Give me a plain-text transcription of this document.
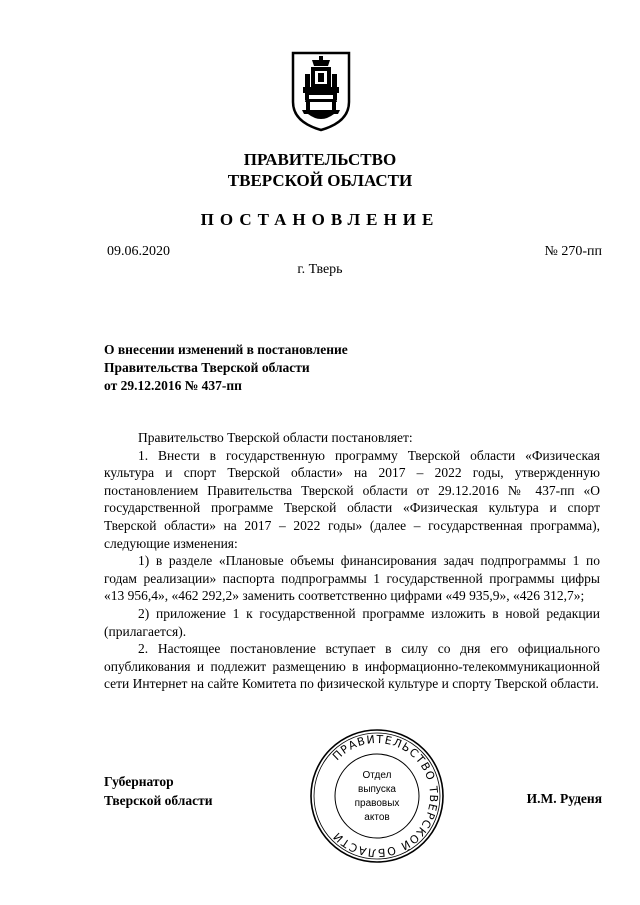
ПРАВИТЕЛЬСТВО
ТВЕРСКОЙ ОБЛАСТИ
ПОСТАНОВЛЕНИЕ
09.06.2020	№ 270-пп
г. Тверь
О внесении изменений в постановление
Правительства Тверской области
от 29.12.2016 № 437-пп

Правительство Тверской области постановляет:

1. Внести в государственную программу Тверской области «Физическая культура и спорт Тверской области» на 2017 – 2022 годы, утвержденную постановлением Правительства Тверской области от 29.12.2016 № 437-пп «О государственной программе Тверской области «Физическая культура и спорт Тверской области» на 2017 – 2022 годы» (далее – государственная программа), следующие изменения:

1) в разделе «Плановые объемы финансирования задач подпрограммы 1 по годам реализации» паспорта подпрограммы 1 государственной программы цифры «13 956,4», «462 292,2» заменить соответственно цифрами «49 935,9», «426 312,7»;

2) приложение 1 к государственной программе изложить в новой редакции (прилагается).

2. Настоящее постановление вступает в силу со дня его официального опубликования и подлежит размещению в информационно-телекоммуникационной сети Интернет на сайте Комитета по физической культуре и спорту Тверской области.

Губернатор
Тверской области
ПРАВИТЕЛЬСТВО ТВЕРСКОЙ ОБЛАСТИ
Отдел
выпуска
правовых
актов
И.М. Руденя
